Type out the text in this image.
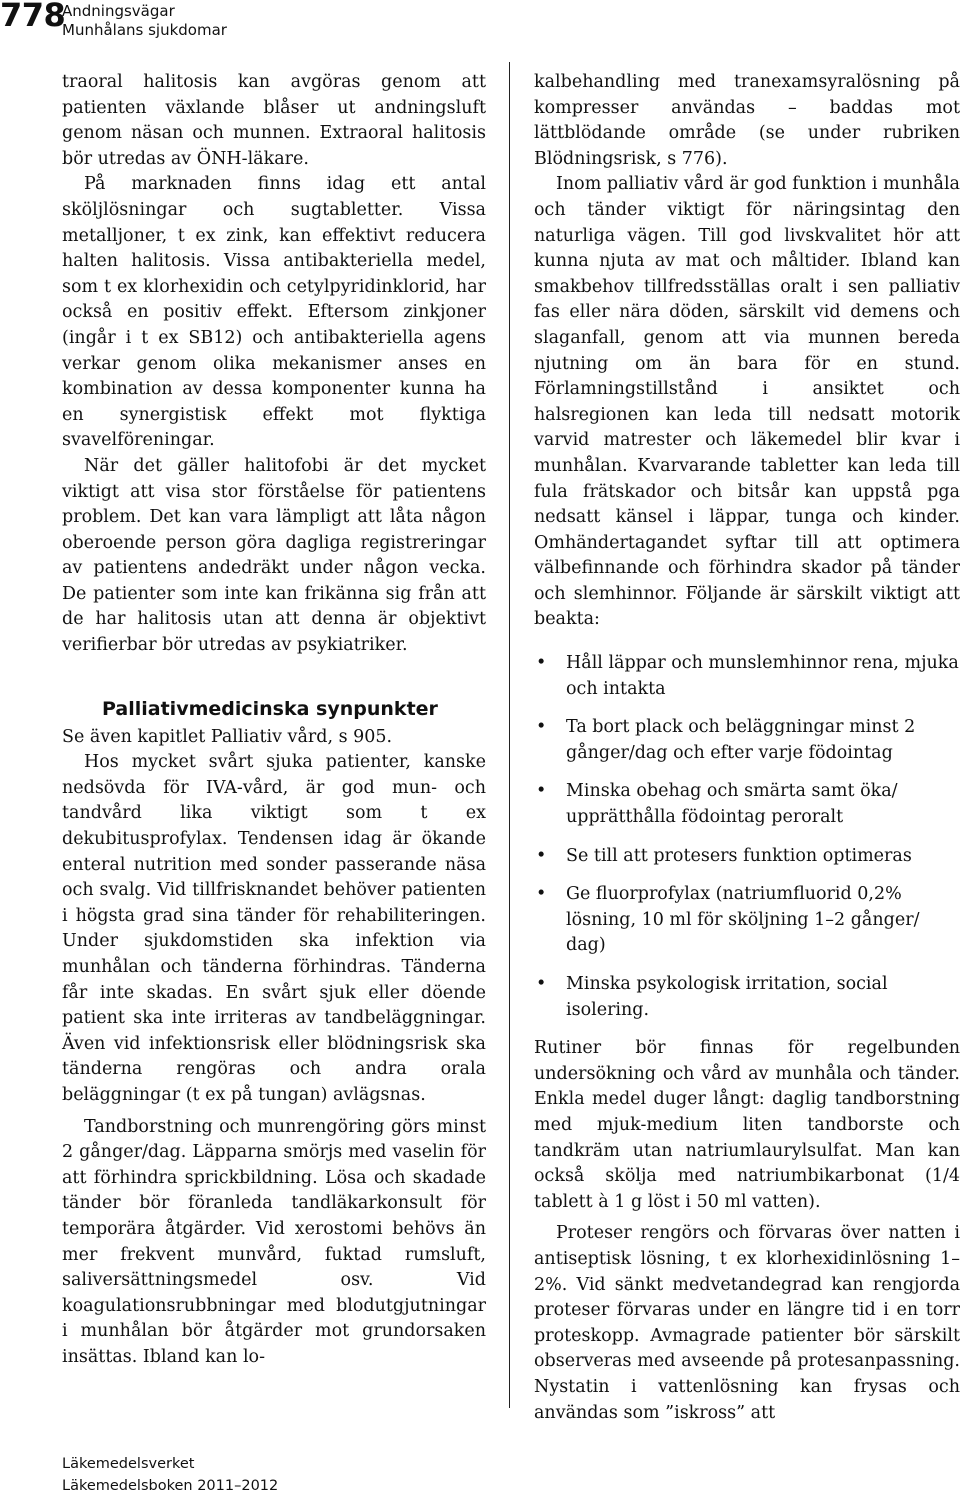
778
Andningsvägar
Munhålans sjukdomar

traoral halitosis kan avgöras genom att patienten växlande blåser ut andningsluft genom näsan och munnen. Extraoral halitosis bör utredas av ÖNH-läkare.

På marknaden finns idag ett antal sköljlösningar och sugtabletter. Vissa metalljoner, t ex zink, kan effektivt reducera halten halitosis. Vissa antibakteriella medel, som t ex klorhexidin och cetylpyridinklorid, har också en positiv effekt. Eftersom zinkjoner (ingår i t ex SB12) och antibakteriella agens verkar genom olika mekanismer anses en kombination av dessa komponenter kunna ha en synergistisk effekt mot flyktiga svavelföreningar.

När det gäller halitofobi är det mycket viktigt att visa stor förståelse för patientens problem. Det kan vara lämpligt att låta någon oberoende person göra dagliga registreringar av patientens andedräkt under någon vecka. De patienter som inte kan frikänna sig från att de har halitosis utan att denna är objektivt verifierbar bör utredas av psykiatriker.

Palliativmedicinska synpunkter

Se även kapitlet Palliativ vård, s 905.

Hos mycket svårt sjuka patienter, kanske nedsövda för IVA-vård, är god mun- och tandvård lika viktigt som t ex dekubitusprofylax. Tendensen idag är ökande enteral nutrition med sonder passerande näsa och svalg. Vid tillfrisknandet behöver patienten i högsta grad sina tänder för rehabiliteringen. Under sjukdomstiden ska infektion via munhålan och tänderna förhindras. Tänderna får inte skadas. En svårt sjuk eller döende patient ska inte irriteras av tandbeläggningar. Även vid infektionsrisk eller blödningsrisk ska tänderna rengöras och andra orala beläggningar (t ex på tungan) avlägsnas.

Tandborstning och munrengöring görs minst 2 gånger/dag. Läpparna smörjs med vaselin för att förhindra sprickbildning. Lösa och skadade tänder bör föranleda tandläkarkonsult för temporära åtgärder. Vid xerostomi behövs än mer frekvent munvård, fuktad rumsluft, saliversättningsmedel osv. Vid koagulationsrubbningar med blodutgjutningar i munhålan bör åtgärder mot grundorsaken insättas. Ibland kan lo-

kalbehandling med tranexamsyralösning på kompresser användas – baddas mot lättblödande område (se under rubriken Blödningsrisk, s 776).

Inom palliativ vård är god funktion i munhåla och tänder viktigt för näringsintag den naturliga vägen. Till god livskvalitet hör att kunna njuta av mat och måltider. Ibland kan smakbehov tillfredsställas oralt i sen palliativ fas eller nära döden, särskilt vid demens och slaganfall, genom att via munnen bereda njutning om än bara för en stund. Förlamningstillstånd i ansiktet och halsregionen kan leda till nedsatt motorik varvid matrester och läkemedel blir kvar i munhålan. Kvarvarande tabletter kan leda till fula frätskador och bitsår kan uppstå pga nedsatt känsel i läppar, tunga och kinder. Omhändertagandet syftar till att optimera välbefinnande och förhindra skador på tänder och slemhinnor. Följande är särskilt viktigt att beakta:

• Håll läppar och munslemhinnor rena, mjuka och intakta
• Ta bort plack och beläggningar minst 2 gånger/dag och efter varje födointag
• Minska obehag och smärta samt öka/ upprätthålla födointag peroralt
• Se till att protesers funktion optimeras
• Ge fluorprofylax (natriumfluorid 0,2% lösning, 10 ml för sköljning 1–2 gånger/ dag)
• Minska psykologisk irritation, social isolering.

Rutiner bör finnas för regelbunden undersökning och vård av munhåla och tänder. Enkla medel duger långt: daglig tandborstning med mjuk-medium liten tandborste och tandkräm utan natriumlaurylsulfat. Man kan också skölja med natriumbikarbonat (1/4 tablett à 1 g löst i 50 ml vatten).

Proteser rengörs och förvaras över natten i antiseptisk lösning, t ex klorhexidinlösning 1–2%. Vid sänkt medvetandegrad kan rengjorda proteser förvaras under en längre tid i en torr proteskopp. Avmagrade patienter bör särskilt observeras med avseende på protesanpassning. Nystatin i vattenlösning kan frysas och användas som ”iskross” att

Läkemedelsverket
Läkemedelsboken 2011–2012
